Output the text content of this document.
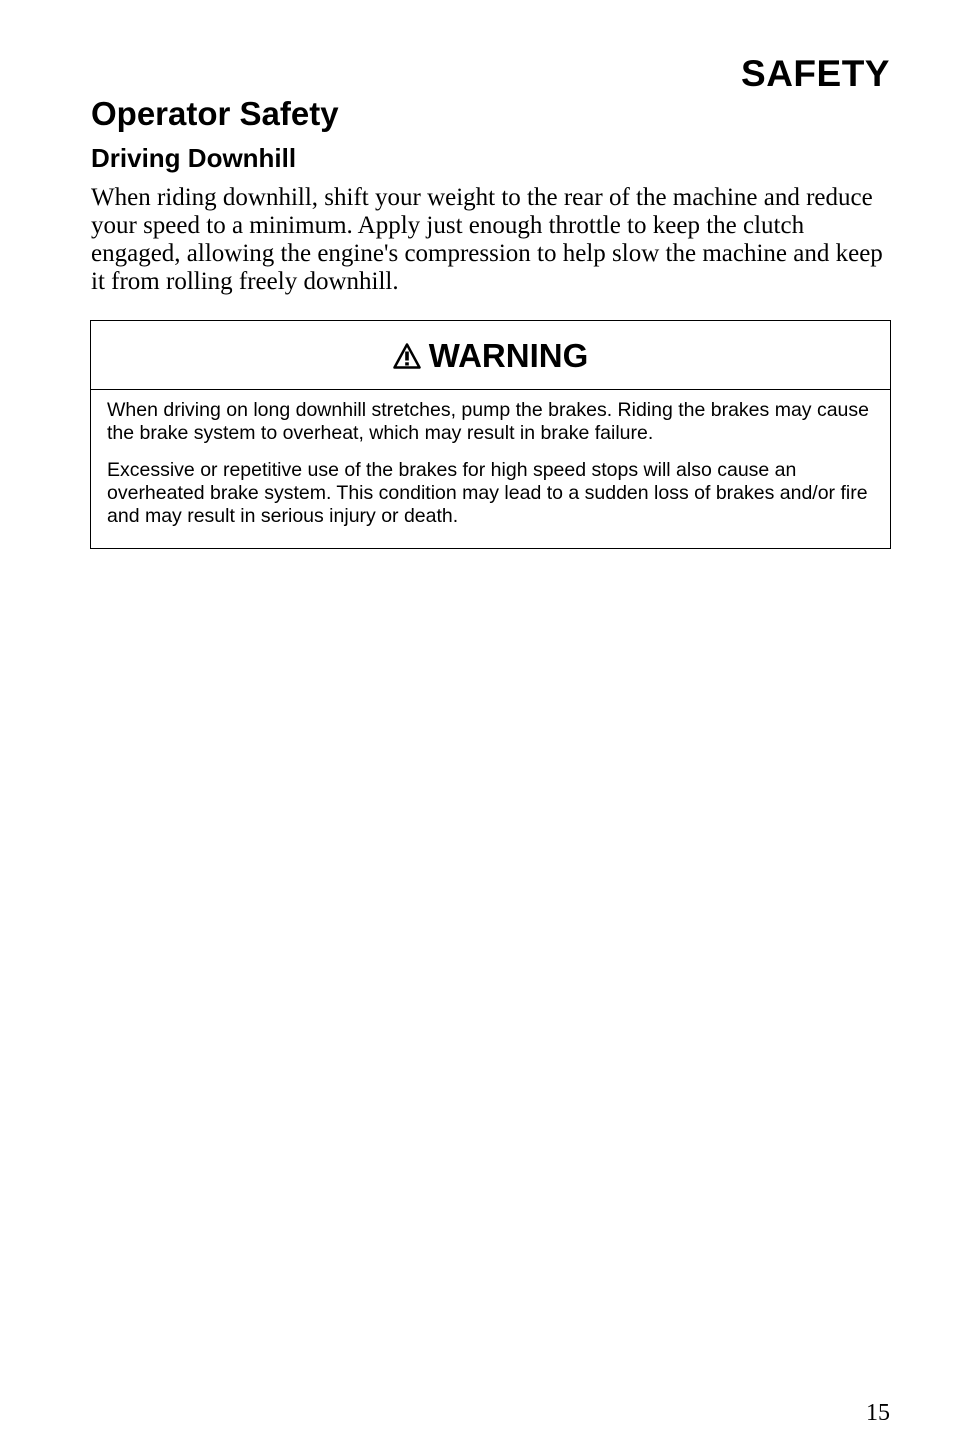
SAFETY
Operator Safety
Driving Downhill

When riding downhill, shift your weight to the rear of the machine and reduce your speed to a minimum. Apply just enough throttle to keep the clutch engaged, allowing the engine's compression to help slow the machine and keep it from rolling freely downhill.

WARNING

When driving on long downhill stretches, pump the brakes. Riding the brakes may cause the brake system to overheat, which may result in brake failure.

Excessive or repetitive use of the brakes for high speed stops will also cause an overheated brake system. This condition may lead to a sudden loss of brakes and/or fire and may result in serious injury or death.

15
